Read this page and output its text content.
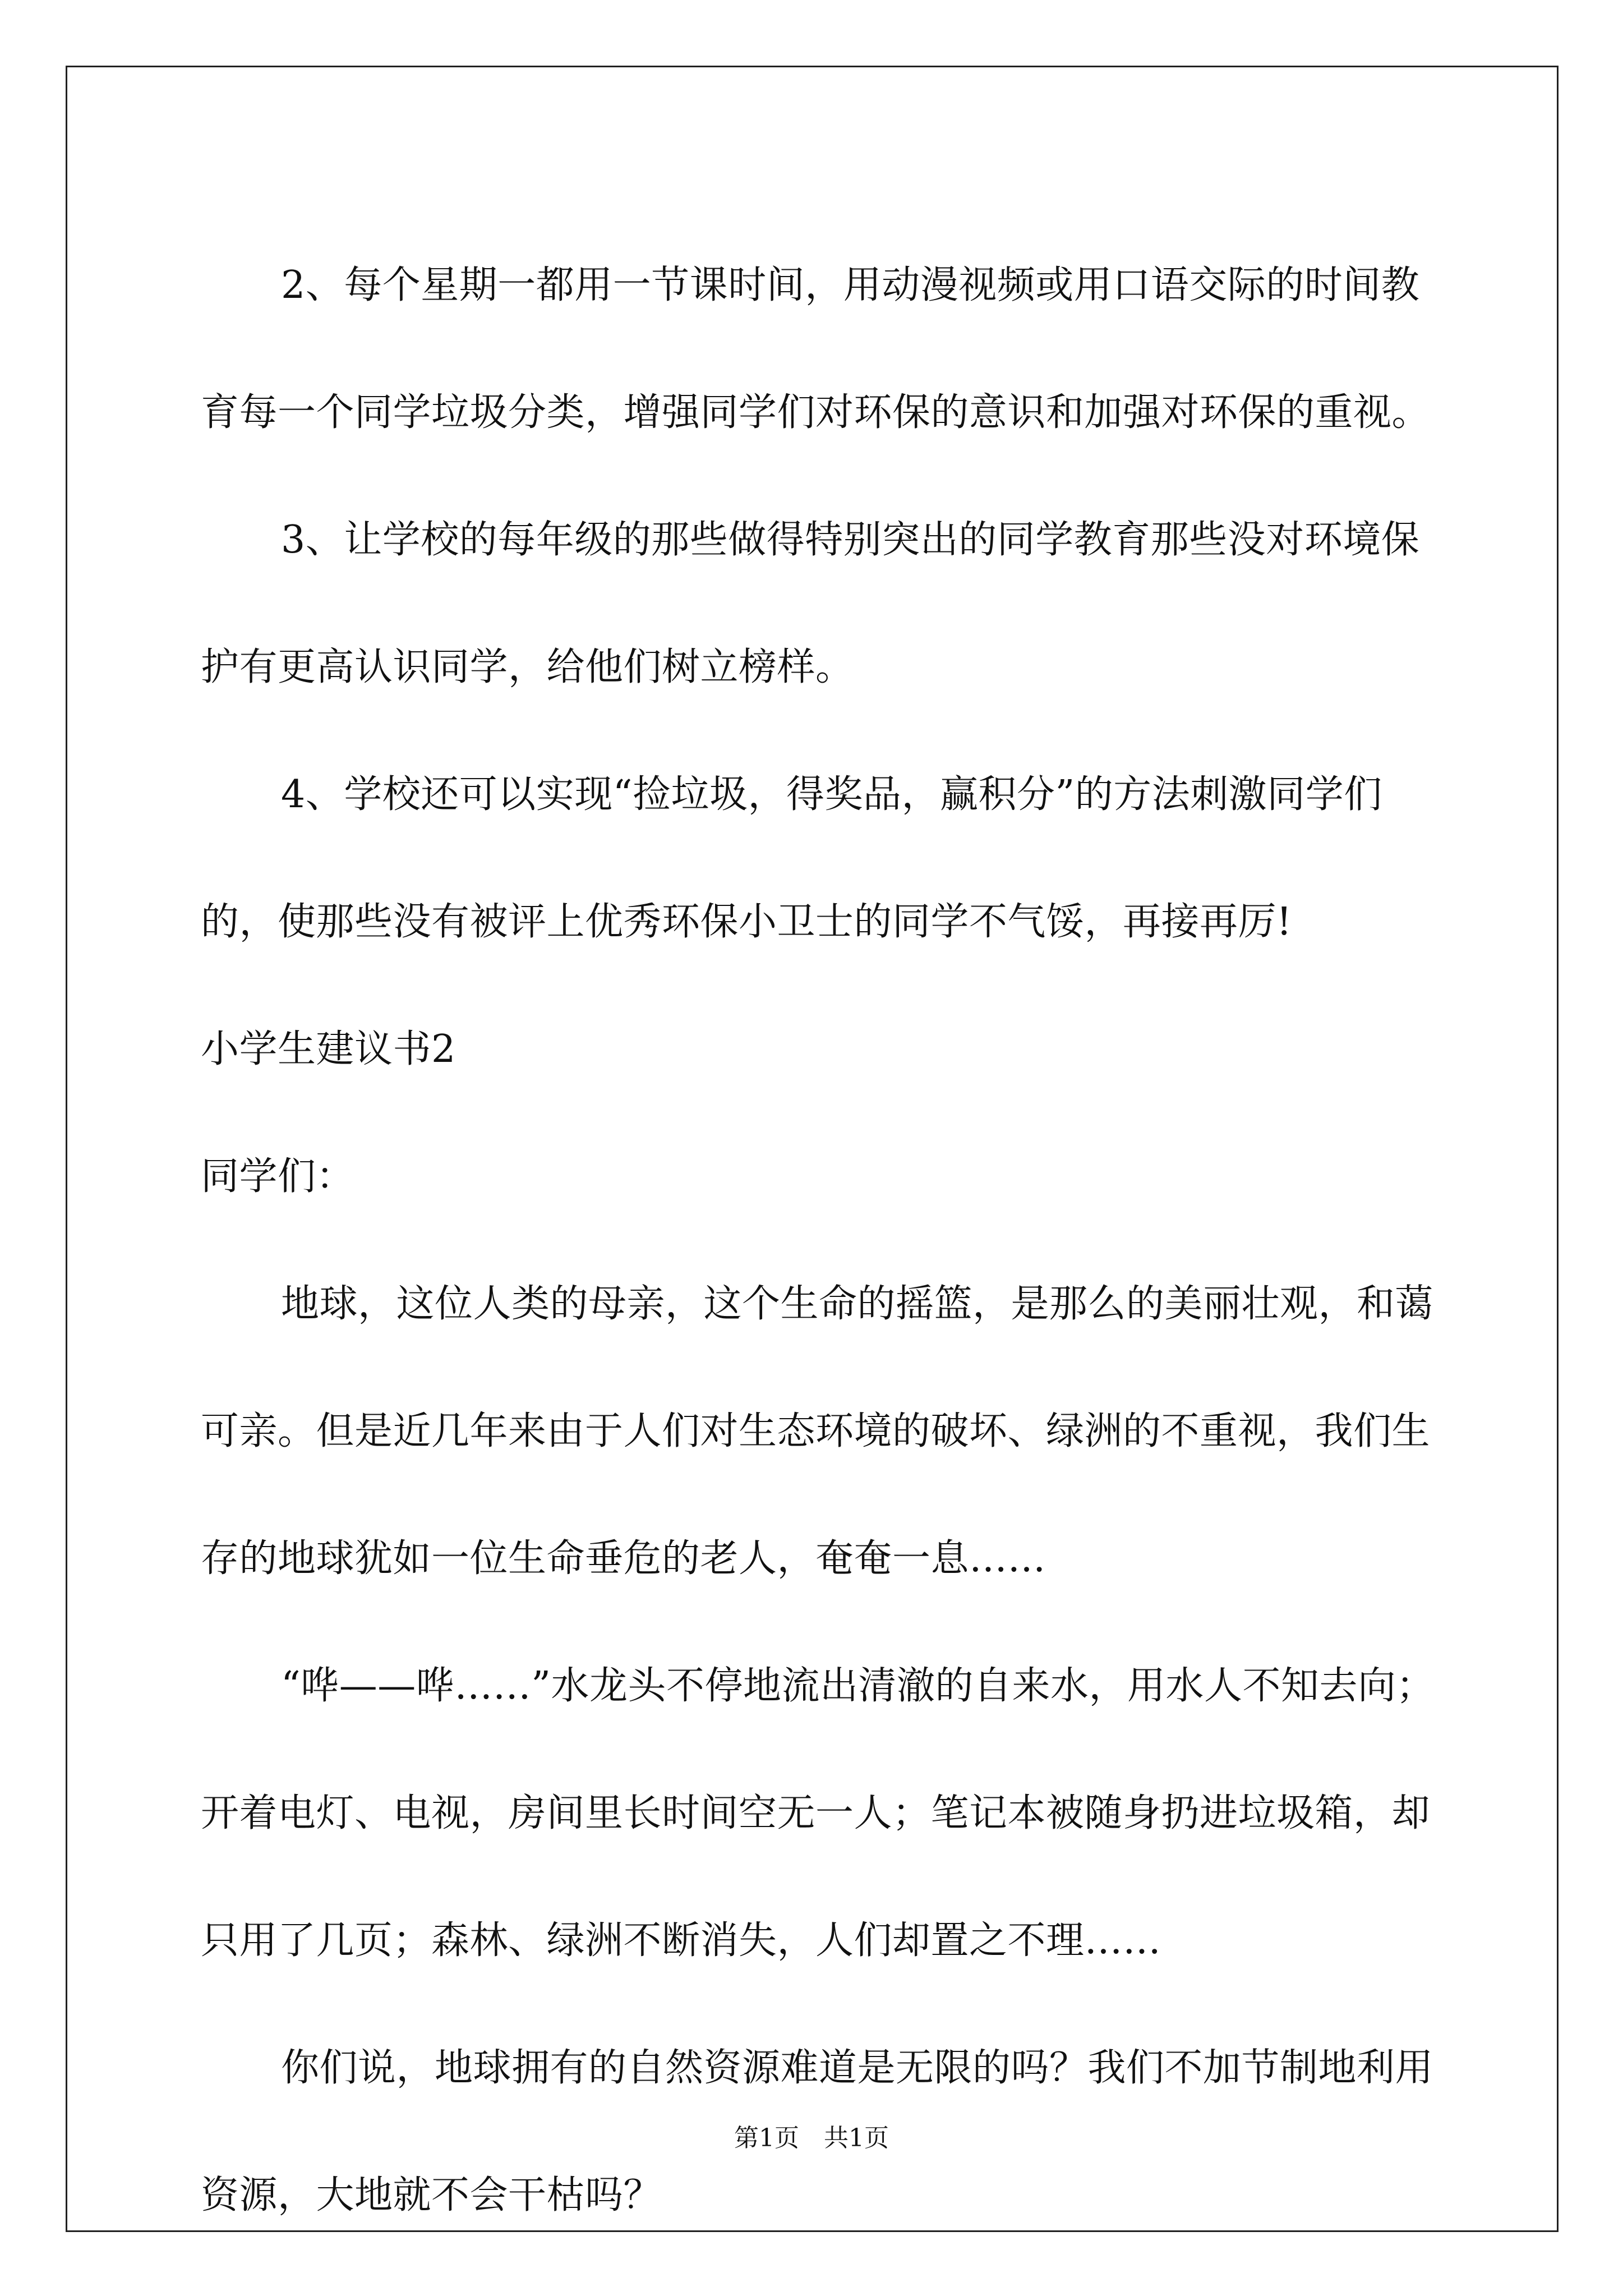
2、每个星期一都用一节课时间，用动漫视频或用口语交际的时间教育每一个同学垃圾分类，增强同学们对环保的意识和加强对环保的重视。

3、让学校的每年级的那些做得特别突出的同学教育那些没对环境保护有更高认识同学，给他们树立榜样。

4、学校还可以实现“捡垃圾，得奖品，赢积分”的方法刺激同学们的，使那些没有被评上优秀环保小卫士的同学不气馁，再接再厉!

小学生建议书2

同学们：

地球，这位人类的母亲，这个生命的摇篮，是那么的美丽壮观，和蔼可亲。但是近几年来由于人们对生态环境的破坏、绿洲的不重视，我们生存的地球犹如一位生命垂危的老人，奄奄一息……

“哗——哗……”水龙头不停地流出清澈的自来水，用水人不知去向；开着电灯、电视，房间里长时间空无一人；笔记本被随身扔进垃圾箱，却只用了几页；森林、绿洲不断消失，人们却置之不理……

你们说，地球拥有的自然资源难道是无限的吗？我们不加节制地利用资源，大地就不会干枯吗？

第1页　共1页
